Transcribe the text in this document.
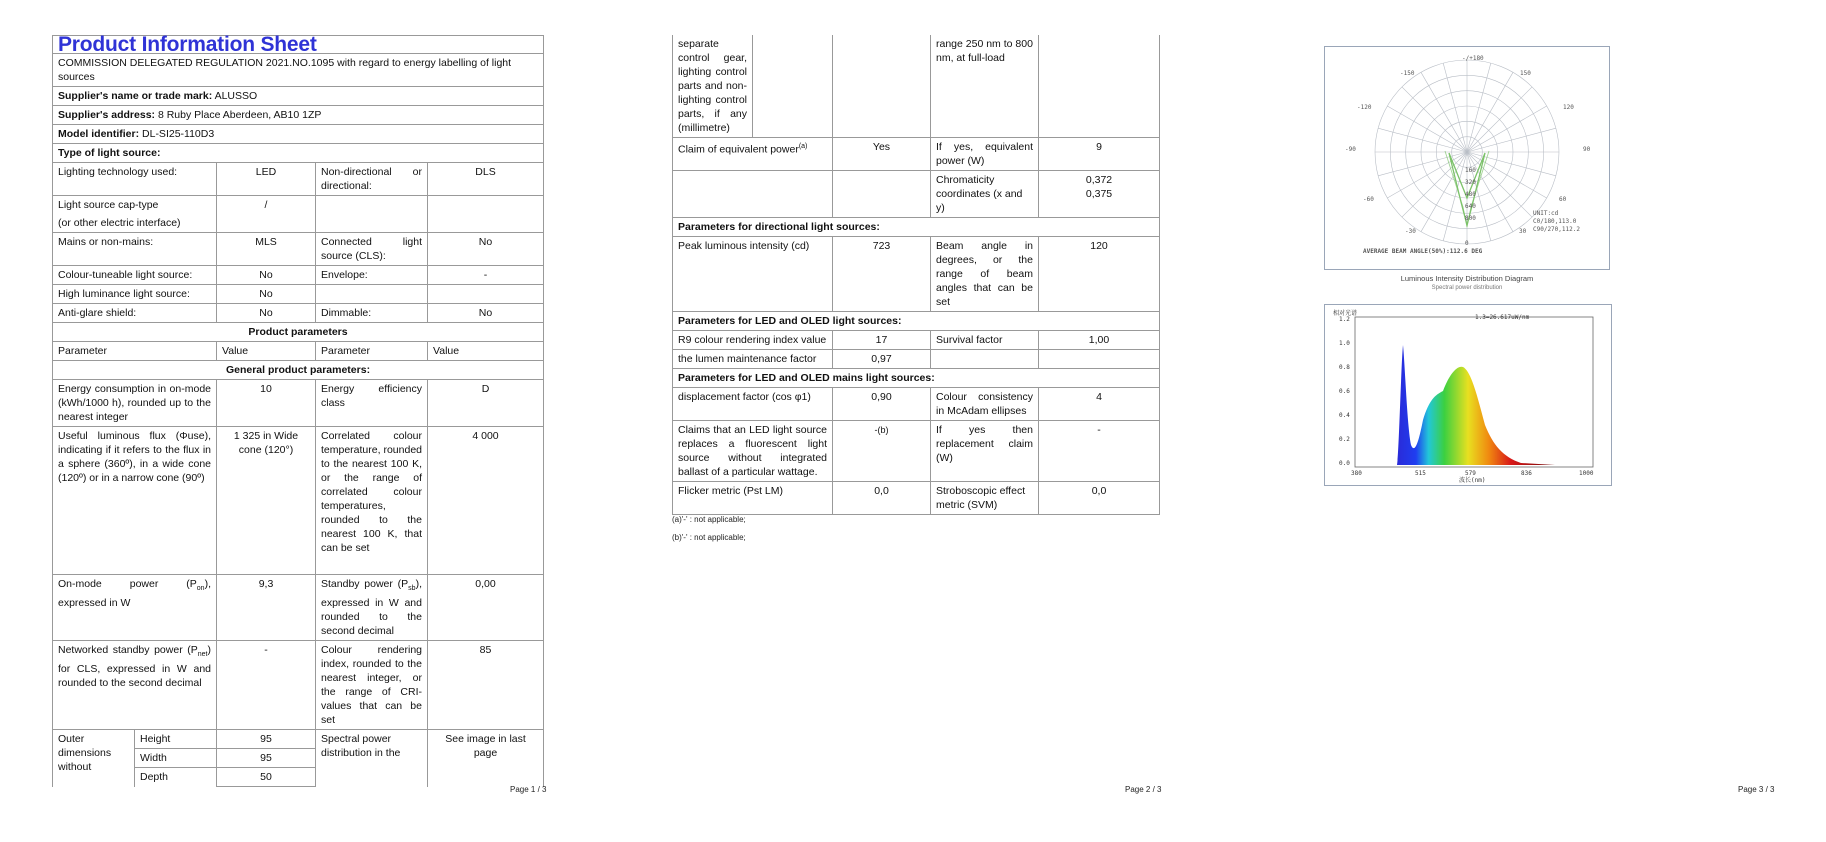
Product Information Sheet				
COMMISSION DELEGATED REGULATION 2021.NO.1095 with regard to energy labelling of light sources				
Supplier's name or trade mark: ALUSSO				
Supplier's address: 8 Ruby Place Aberdeen, AB10 1ZP				
Model identifier: DL-SI25-110D3				
Type of light source:				
Lighting technology used:		LED	Non-directional or directional:	DLS

Light source cap-type
(or other electric interface)		/		
Mains or non-mains:		MLS	Connected light source (CLS):	No
Colour-tuneable light source:		No	Envelope:	-
High luminance light source:		No		
Anti-glare shield:		No	Dimmable:	No
Product parameters				
Parameter		Value	Parameter	Value
General product parameters:				
Energy consumption in on-mode (kWh/1000 h), rounded up to the nearest integer		10	Energy efficiency class	D
Useful luminous flux (Φuse), indicating if it refers to the flux in a sphere (360º), in a wide cone (120º) or in a narrow cone (90º)		1 325 in Wide cone (120°)	Correlated colour temperature, rounded to the nearest 100 K, or the range of correlated colour temperatures, rounded to the nearest 100 K, that can be set	4 000
On-mode power $(P_{on})$, expressed in W		9,3	Standby power $(P_{sb})$, expressed in W and rounded to the second decimal	0,00
Networked standby power $(P_{net})$ for CLS, expressed in W and rounded to the second decimal		-	Colour rendering index, rounded to the nearest integer, or the range of CRI-values that can be set	85
Outer dimensions without	Height	95	Spectral power distribution in the	See image in last page
	Width	95		
	Depth	50		
Page 1 / 3
separate control gear, lighting control parts and non-lighting control parts, if any (millimetre)			range 250 nm to 800 nm, at full-load	
Claim of equivalent power$^{(a)}$		Yes	If yes, equivalent power (W)	9
			Chromaticity coordinates (x and y)	0,372
0,375

Parameters for directional light sources:				
Peak luminous intensity (cd)		723	Beam angle in degrees, or the range of beam angles that can be set	120
Parameters for LED and OLED light sources:				
R9 colour rendering index value		17	Survival factor	1,00
the lumen maintenance factor		0,97		
Parameters for LED and OLED mains light sources:				
displacement factor (cos φ1)		0,90	Colour consistency in McAdam ellipses	4
Claims that an LED light source replaces a fluorescent light source without integrated ballast of a particular wattage.		-(b)	If yes then replacement claim (W)	-
Flicker metric (Pst LM)		0,0	Stroboscopic effect metric (SVM)	0,0
(a)'-' : not applicable;
(b)'-' : not applicable;
Page 2 / 3
-/+180
-150	150
-120	120
-90	90
-60	60
-30	30
0
160
320
480
640
800
UNIT:cd
C0/180,113.0
C90/270,112.2
AVERAGE BEAM ANGLE(50%):112.6 DEG
Luminous Intensity Distribution Diagram
Spectral power distribution
相对光谱
1.3=26.617uW/nm
1.2
1.0
0.8
0.6
0.4
0.2
0.0
380	515	579	836	1000
波长(nm)
Page 3 / 3
